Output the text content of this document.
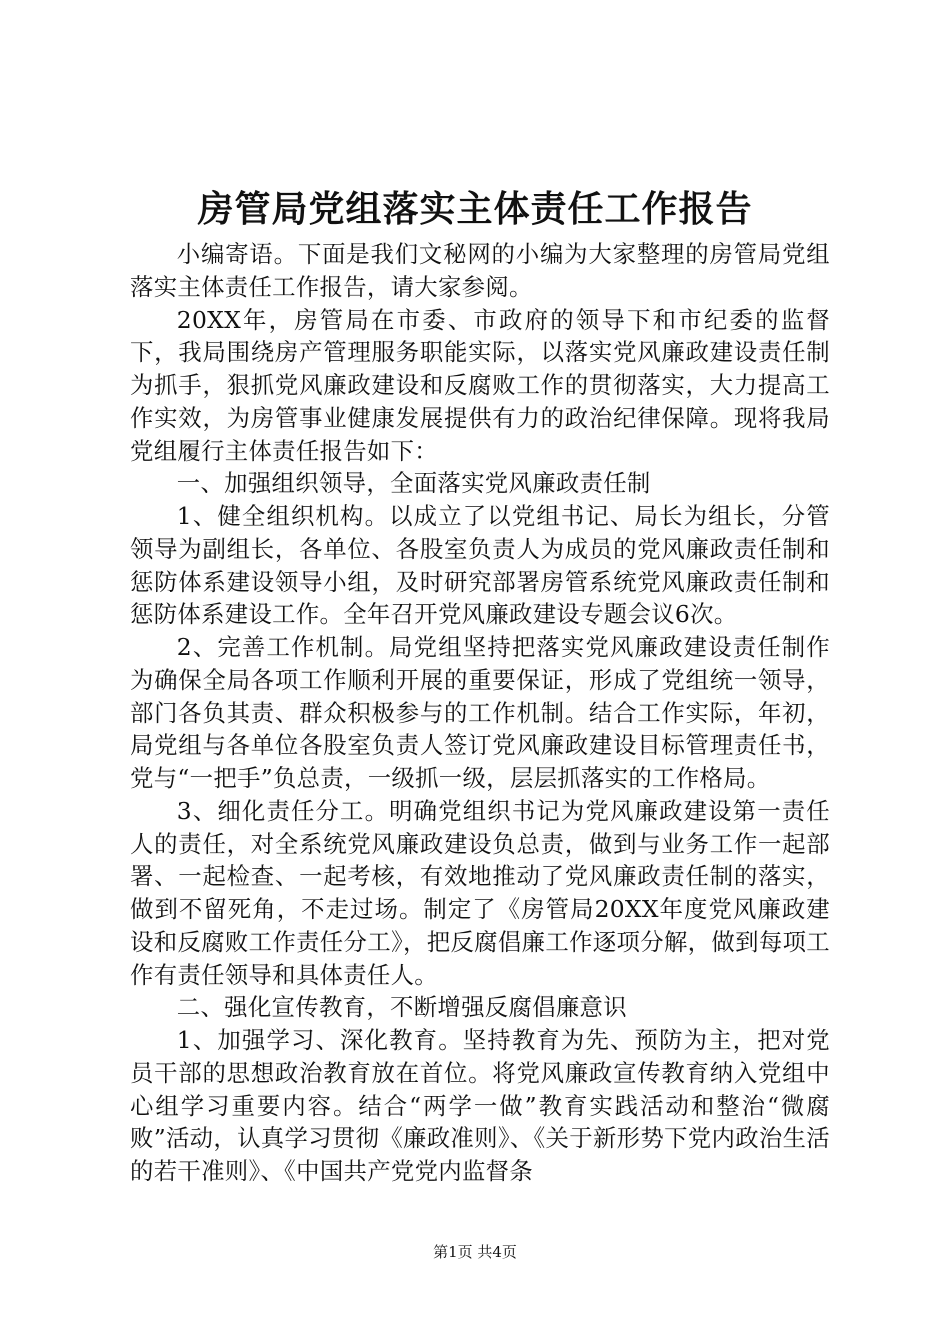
房管局党组落实主体责任工作报告

小编寄语。下面是我们文秘网的小编为大家整理的房管局党组落实主体责任工作报告，请大家参阅。

20XX年，房管局在市委、市政府的领导下和市纪委的监督下，我局围绕房产管理服务职能实际，以落实党风廉政建设责任制为抓手，狠抓党风廉政建设和反腐败工作的贯彻落实，大力提高工作实效，为房管事业健康发展提供有力的政治纪律保障。现将我局党组履行主体责任报告如下：

一、加强组织领导，全面落实党风廉政责任制

1、健全组织机构。以成立了以党组书记、局长为组长，分管领导为副组长，各单位、各股室负责人为成员的党风廉政责任制和惩防体系建设领导小组，及时研究部署房管系统党风廉政责任制和惩防体系建设工作。全年召开党风廉政建设专题会议6次。

2、完善工作机制。局党组坚持把落实党风廉政建设责任制作为确保全局各项工作顺利开展的重要保证，形成了党组统一领导，部门各负其责、群众积极参与的工作机制。结合工作实际，年初，局党组与各单位各股室负责人签订党风廉政建设目标管理责任书，党与“一把手”负总责，一级抓一级，层层抓落实的工作格局。

3、细化责任分工。明确党组织书记为党风廉政建设第一责任人的责任，对全系统党风廉政建设负总责，做到与业务工作一起部署、一起检查、一起考核，有效地推动了党风廉政责任制的落实，做到不留死角，不走过场。制定了《房管局20XX年度党风廉政建设和反腐败工作责任分工》，把反腐倡廉工作逐项分解，做到每项工作有责任领导和具体责任人。

二、强化宣传教育，不断增强反腐倡廉意识

1、加强学习、深化教育。坚持教育为先、预防为主，把对党员干部的思想政治教育放在首位。将党风廉政宣传教育纳入党组中心组学习重要内容。结合“两学一做”教育实践活动和整治“微腐败”活动，认真学习贯彻《廉政准则》、《关于新形势下党内政治生活的若干准则》、《中国共产党党内监督条

第1页 共4页
